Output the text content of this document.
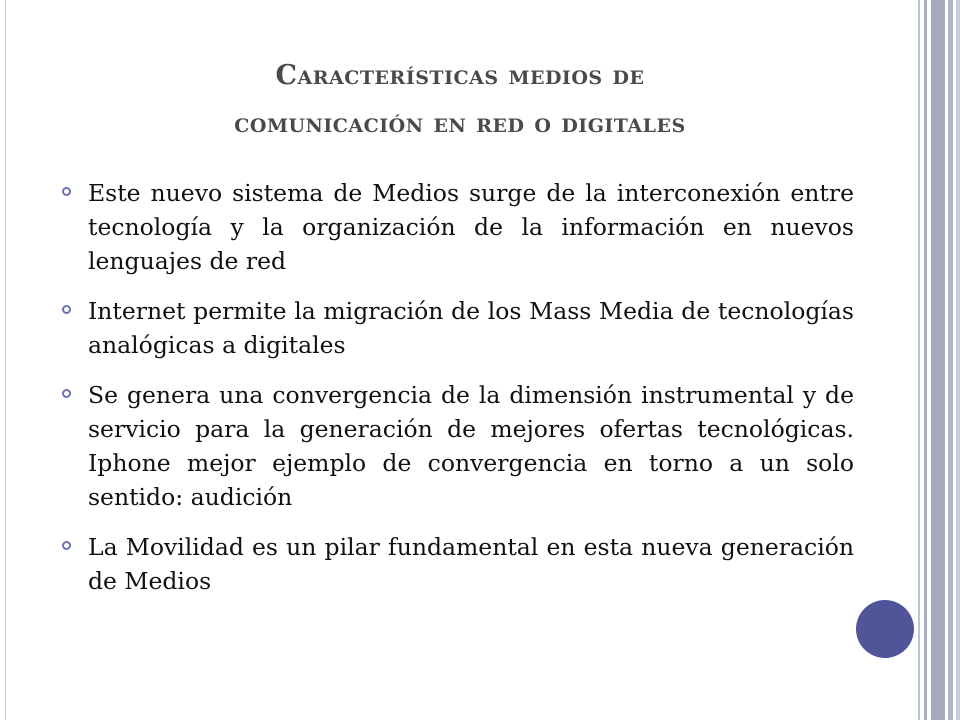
Características medios de
comunicación en red o digitales
Este nuevo sistema de Medios surge de la interconexión entre tecnología y la organización de la información en nuevos lenguajes de red
Internet permite la migración de los Mass Media de tecnologías analógicas a digitales
Se genera una convergencia de la dimensión instrumental y de servicio para la generación de mejores ofertas tecnológicas. Iphone mejor ejemplo de convergencia en torno a un solo sentido: audición
La Movilidad es un pilar fundamental en esta nueva generación de Medios
